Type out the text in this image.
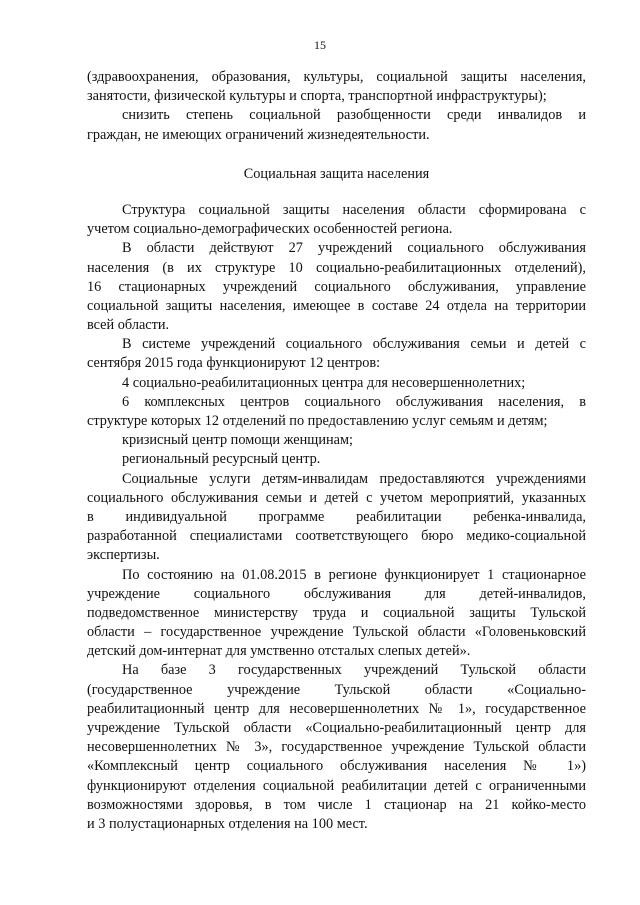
15
(здравоохранения, образования, культуры, социальной защиты населения,
занятости, физической культуры и спорта, транспортной инфраструктуры);
снизить степень социальной разобщенности среди инвалидов и
граждан, не имеющих ограничений жизнедеятельности.
Социальная защита населения
Структура социальной защиты населения области сформирована с
учетом социально-демографических особенностей региона.
В области действуют 27 учреждений социального обслуживания
населения (в их структуре 10 социально-реабилитационных отделений),
16 стационарных учреждений социального обслуживания, управление
социальной защиты населения, имеющее в составе 24 отдела на территории
всей области.
В системе учреждений социального обслуживания семьи и детей с
сентября 2015 года функционируют 12 центров:
4 социально-реабилитационных центра для несовершеннолетних;
6 комплексных центров социального обслуживания населения, в
структуре которых 12 отделений по предоставлению услуг семьям и детям;
кризисный центр помощи женщинам;
региональный ресурсный центр.
Социальные услуги детям-инвалидам предоставляются учреждениями
социального обслуживания семьи и детей с учетом мероприятий, указанных
в индивидуальной программе реабилитации ребенка-инвалида,
разработанной специалистами соответствующего бюро медико-социальной
экспертизы.
По состоянию на 01.08.2015 в регионе функционирует 1 стационарное
учреждение социального обслуживания для детей-инвалидов,
подведомственное министерству труда и социальной защиты Тульской
области – государственное учреждение Тульской области «Головеньковский
детский дом-интернат для умственно отсталых слепых детей».
На базе 3 государственных учреждений Тульской области
(государственное учреждение Тульской области «Социально-
реабилитационный центр для несовершеннолетних № 1», государственное
учреждение Тульской области «Социально-реабилитационный центр для
несовершеннолетних № 3», государственное учреждение Тульской области
«Комплексный центр социального обслуживания населения № 1»)
функционируют отделения социальной реабилитации детей с ограниченными
возможностями здоровья, в том числе 1 стационар на 21 койко-место
и 3 полустационарных отделения на 100 мест.
